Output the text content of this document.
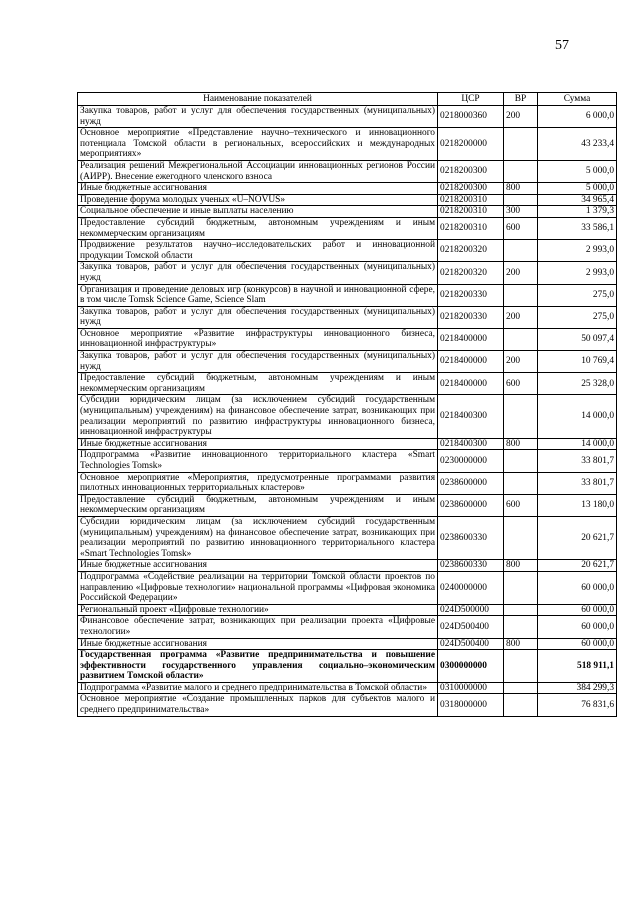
57
Наименование показателей	ЦСР	ВР	Сумма
Закупка товаров, работ и услуг для обеспечения государственных (муниципальных) нужд	0218000360	200	6 000,0
Основное мероприятие «Представление научно–технического и инновационного потенциала Томской области в региональных, всероссийских и международных мероприятиях»	0218200000		43 233,4
Реализация решений Межрегиональной Ассоциации инновационных регионов России (АИРР). Внесение ежегодного членского взноса	0218200300		5 000,0
Иные бюджетные ассигнования	0218200300	800	5 000,0
Проведение форума молодых ученых «U–NOVUS»	0218200310		34 965,4
Социальное обеспечение и иные выплаты населению	0218200310	300	1 379,3
Предоставление субсидий бюджетным, автономным учреждениям и иным некоммерческим организациям	0218200310	600	33 586,1
Продвижение результатов научно–исследовательских работ и инновационной продукции Томской области	0218200320		2 993,0
Закупка товаров, работ и услуг для обеспечения государственных (муниципальных) нужд	0218200320	200	2 993,0
Организация и проведение деловых игр (конкурсов) в научной и инновационной сфере, в том числе Tomsk Science Game, Science Slam	0218200330		275,0
Закупка товаров, работ и услуг для обеспечения государственных (муниципальных) нужд	0218200330	200	275,0
Основное мероприятие «Развитие инфраструктуры инновационного бизнеса, инновационной инфраструктуры»	0218400000		50 097,4
Закупка товаров, работ и услуг для обеспечения государственных (муниципальных) нужд	0218400000	200	10 769,4
Предоставление субсидий бюджетным, автономным учреждениям и иным некоммерческим организациям	0218400000	600	25 328,0
Субсидии юридическим лицам (за исключением субсидий государственным (муниципальным) учреждениям) на финансовое обеспечение затрат, возникающих при реализации мероприятий по развитию инфраструктуры инновационного бизнеса, инновационной инфраструктуры	0218400300		14 000,0
Иные бюджетные ассигнования	0218400300	800	14 000,0
Подпрограмма «Развитие инновационного территориального кластера «Smart Technologies Tomsk»	0230000000		33 801,7
Основное мероприятие «Мероприятия, предусмотренные программами развития пилотных инновационных территориальных кластеров»	0238600000		33 801,7
Предоставление субсидий бюджетным, автономным учреждениям и иным некоммерческим организациям	0238600000	600	13 180,0
Субсидии юридическим лицам (за исключением субсидий государственным (муниципальным) учреждениям) на финансовое обеспечение затрат, возникающих при реализации мероприятий по развитию инновационного территориального кластера «Smart Technologies Tomsk»	0238600330		20 621,7
Иные бюджетные ассигнования	0238600330	800	20 621,7
Подпрограмма «Содействие реализации на территории Томской области проектов по направлению «Цифровые технологии» национальной программы «Цифровая экономика Российской Федерации»	0240000000		60 000,0
Региональный проект «Цифровые технологии»	024D500000		60 000,0
Финансовое обеспечение затрат, возникающих при реализации проекта «Цифровые технологии»	024D500400		60 000,0
Иные бюджетные ассигнования	024D500400	800	60 000,0
Государственная программа «Развитие предпринимательства и повышение эффективности государственного управления социально–экономическим развитием Томской области»	0300000000		518 911,1
Подпрограмма «Развитие малого и среднего предпринимательства в Томской области»	0310000000		384 299,3
Основное мероприятие «Создание промышленных парков для субъектов малого и среднего предпринимательства»	0318000000		76 831,6
